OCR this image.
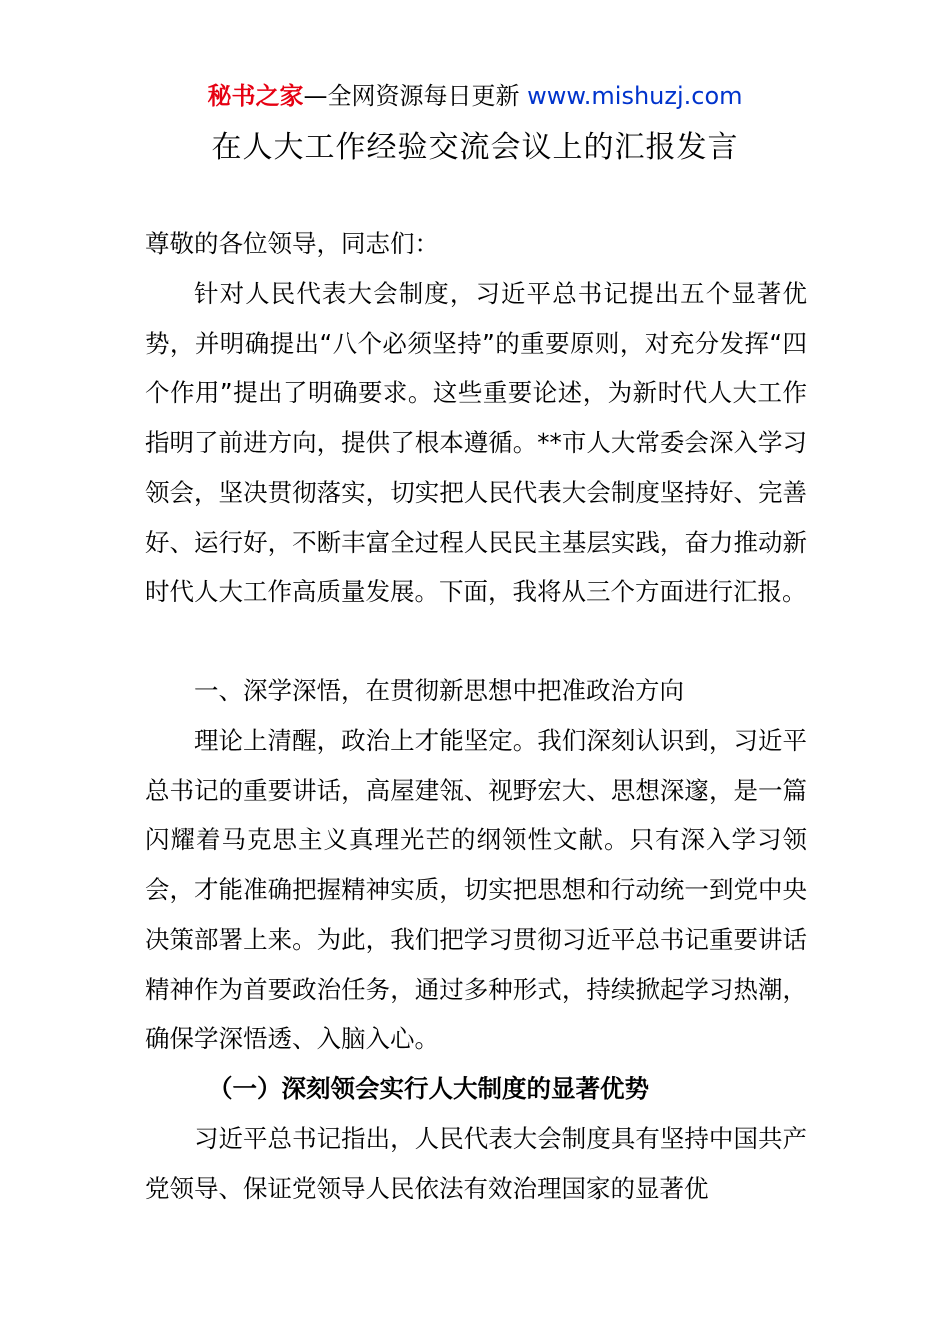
秘书之家—全网资源每日更新 www.mishuzj.com
在人大工作经验交流会议上的汇报发言
尊敬的各位领导，同志们：
针对人民代表大会制度，习近平总书记提出五个显著优势，并明确提出“八个必须坚持”的重要原则，对充分发挥“四个作用”提出了明确要求。这些重要论述，为新时代人大工作指明了前进方向，提供了根本遵循。**市人大常委会深入学习领会，坚决贯彻落实，切实把人民代表大会制度坚持好、完善好、运行好，不断丰富全过程人民民主基层实践，奋力推动新时代人大工作高质量发展。下面，我将从三个方面进行汇报。
一、深学深悟，在贯彻新思想中把准政治方向
理论上清醒，政治上才能坚定。我们深刻认识到，习近平总书记的重要讲话，高屋建瓴、视野宏大、思想深邃，是一篇闪耀着马克思主义真理光芒的纲领性文献。只有深入学习领会，才能准确把握精神实质，切实把思想和行动统一到党中央决策部署上来。为此，我们把学习贯彻习近平总书记重要讲话精神作为首要政治任务，通过多种形式，持续掀起学习热潮，确保学深悟透、入脑入心。
（一）深刻领会实行人大制度的显著优势
习近平总书记指出，人民代表大会制度具有坚持中国共产党领导、保证党领导人民依法有效治理国家的显著优
